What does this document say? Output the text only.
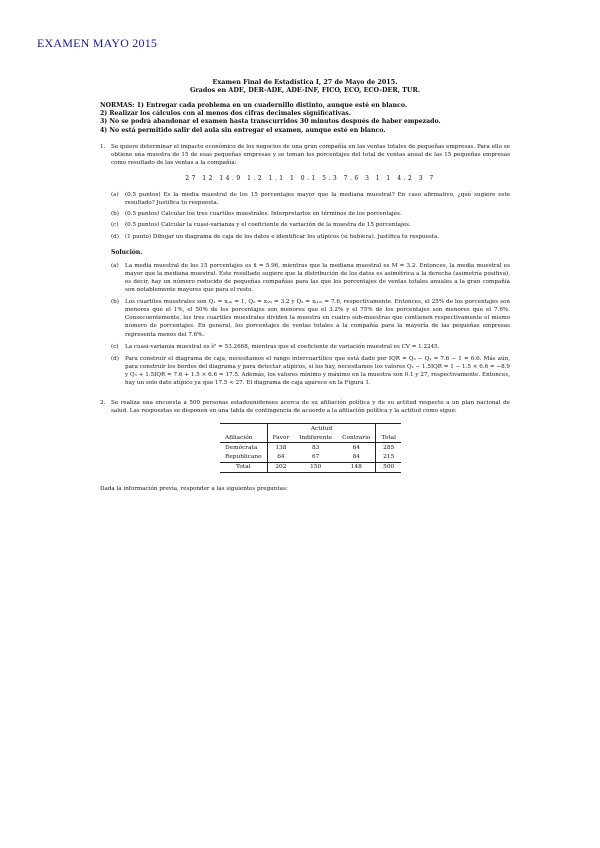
EXAMEN MAYO 2015
Examen Final de Estadística I, 27 de Mayo de 2015.
Grados en ADE, DER-ADE, ADE-INF, FICO, ECO, ECO-DER, TUR.

NORMAS: 1) Entregar cada problema en un cuadernillo distinto, aunque esté en blanco.

2) Realizar los cálculos con al menos dos cifras decimales significativas.

3) No se podrá abandonar el examen hasta transcurridos 30 minutos después de haber empezado.

4) No está permitido salir del aula sin entregar el examen, aunque esté en blanco.

1.	Se quiere determinar el impacto económico de los negocios de una gran compañía en las ventas totales de pequeñas empresas. Para ello se obtiene una muestra de 15 de esas pequeñas empresas y se toman los porcentajes del total de ventas anual de las 15 pequeñas empresas como resultado de las ventas a la compañía:
27 12 14.9 1.2 1.1 1 0.1 5.3 7.6 3 1 1 4.2 3 7
(a)	(0.5 puntos) Es la media muestral de los 15 porcentajes mayor que la mediana muestral? En caso afirmativo, ¿qué sugiere este resultado? Justifica tu respuesta.
(b)	(0.5 puntos) Calcular los tres cuartiles muestrales. Interpretarlos en términos de los porcentajes.
(c)	(0.5 puntos) Calcular la cuasi-varianza y el coeficiente de variación de la muestra de 15 porcentajes.
(d)	(1 punto) Dibujar un diagrama de caja de los datos e identificar los atípicos (si hubiera). Justifica tu respuesta.
Solución.
(a)	La media muestral de los 15 porcentajes es x̄ = 5.96, mientras que la mediana muestral es M = 3.2. Entonces, la media muestral es mayor que la mediana muestral. Este resultado sugiere que la distribución de los datos es asimétrica a la derecha (asimetría positiva), es decir, hay un número reducido de pequeñas compañías para las que los porcentajes de ventas totales anuales a la gran compañía son notablemente mayores que para el resto.
(b)	Los cuartiles muestrales son Q₁ = x₍₄₎ = 1, Q₂ = x₍₈₎ = 3.2 y Q₃ = x₍₁₂₎ = 7.6, respectivamente. Entonces, el 25% de los porcentajes son menores que el 1%, el 50% de los porcentajes son menores que el 3.2% y el 75% de los porcentajes son menores que el 7.6%. Consecuentemente, los tres cuartiles muestrales dividen la muestra en cuatro sub-muestras que contienen respectivamente el mismo número de porcentajes. En general, los porcentajes de ventas totales a la compañía para la mayoría de las pequeñas empresas representa menos del 7.6%.
(c)	La cuasi-varianza muestral es ŝ² = 53.2668, mientras que el coeficiente de variación muestral es CV = 1.2245.
(d)	Para construir el diagrama de caja, necesitamos el rango intercuartílico que está dado por IQR = Q₃ − Q₁ = 7.6 − 1 = 6.6. Más aún, para construir los bordes del diagrama y para detectar atípicos, si los hay, necesitamos los valores Q₁ − 1.5IQR = 1 − 1.5 × 6.6 = −8.9 y Q₃ + 1.5IQR = 7.6 + 1.5 × 6.6 = 17.5. Además, los valores mínimo y máximo en la muestra son 0.1 y 27, respectivamente. Entonces, hay un solo dato atípico ya que 17.5 < 27. El diagrama de caja aparece en la Figura 1.
2.	Se realiza una encuesta a 500 personas estadounidenses acerca de su afiliación política y de su actitud respecto a un plan nacional de salud. Las respuestas se disponen en una tabla de contingencia de acuerdo a la afiliación política y la actitud como sigue:
	Actitud			
Afiliación	Favor	Indiferente	Contrario	Total
Demócrata	138	83	64	285
Republicano	64	67	84	215
Total	202	150	148	500
Dada la información previa, responder a las siguientes preguntas:
